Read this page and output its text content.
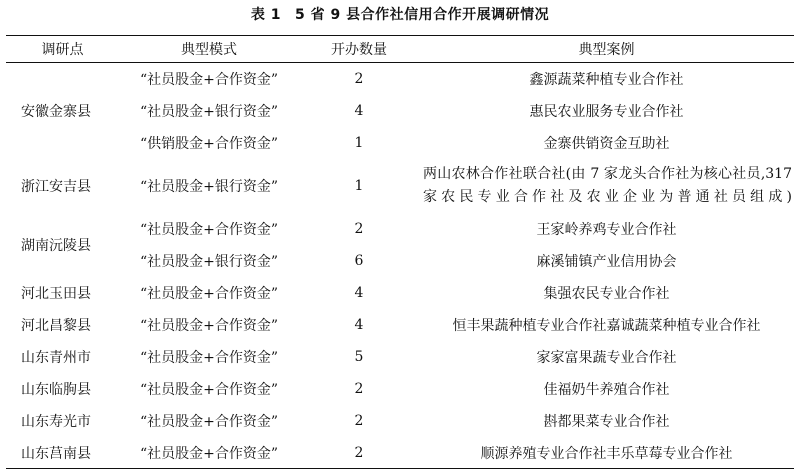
表 1 5 省 9 县合作社信用合作开展调研情况
调研点	典型模式	开办数量	典型案例
安徽金寨县	“社员股金+合作资金”	2	鑫源蔬菜种植专业合作社
	“社员股金+银行资金”	4	惠民农业服务专业合作社
	“供销股金+合作资金”	1	金寨供销资金互助社
浙江安吉县	“社员股金+银行资金”	1	两山农林合作社联合社(由 7 家龙头合作社为核心社员,317 家农民专业合作社及农业企业为普通社员组成)
湖南沅陵县	“社员股金+合作资金”	2	王家岭养鸡专业合作社
	“社员股金+银行资金”	6	麻溪铺镇产业信用协会
河北玉田县	“社员股金+合作资金”	4	集强农民专业合作社
河北昌黎县	“社员股金+合作资金”	4	恒丰果蔬种植专业合作社嘉诚蔬菜种植专业合作社
山东青州市	“社员股金+合作资金”	5	家家富果蔬专业合作社
山东临朐县	“社员股金+合作资金”	2	佳福奶牛养殖合作社
山东寿光市	“社员股金+合作资金”	2	斟都果菜专业合作社
山东莒南县	“社员股金+合作资金”	2	顺源养殖专业合作社丰乐草莓专业合作社
